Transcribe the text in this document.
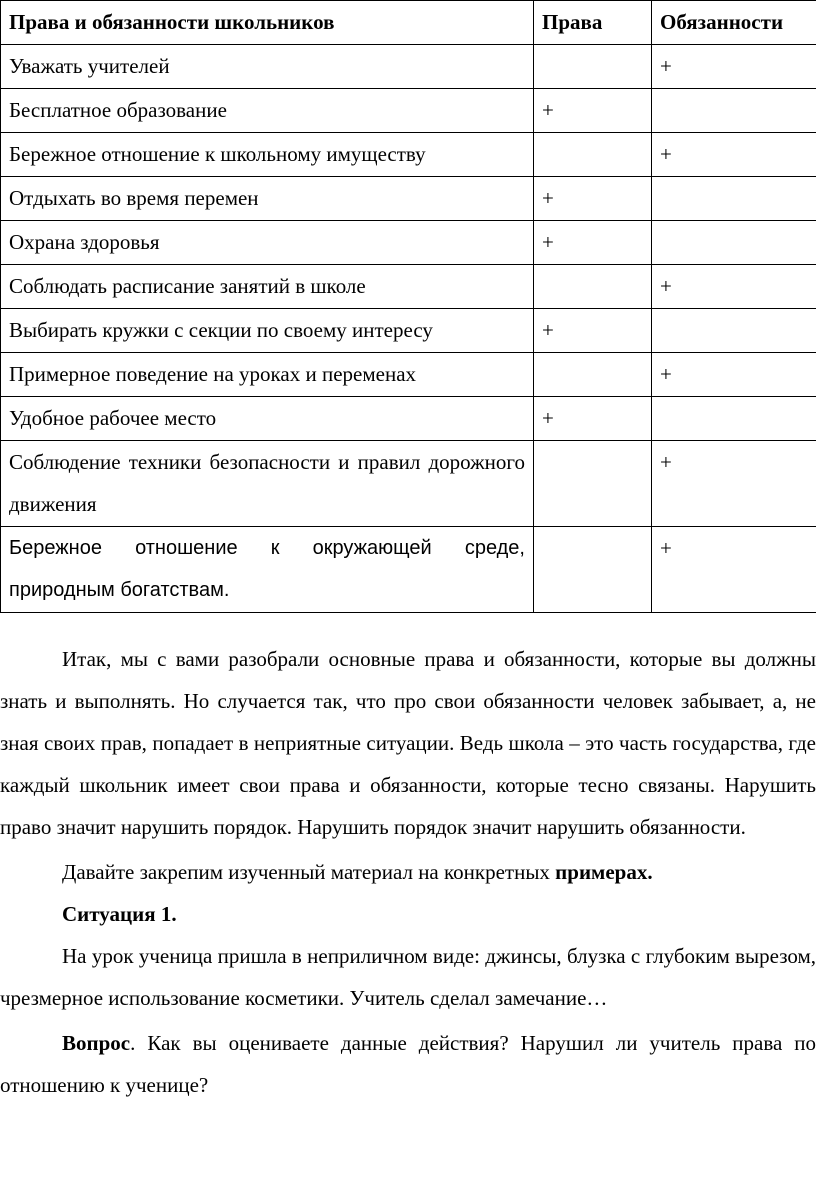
Права и обязанности школьников	Права	Обязанности
Уважать учителей		+
Бесплатное образование	+	
Бережное отношение к школьному имуществу		+
Отдыхать во время перемен	+	
Охрана здоровья	+	
Соблюдать расписание занятий в школе		+
Выбирать кружки с секции по своему интересу	+	
Примерное поведение на уроках и переменах		+
Удобное рабочее место	+	
Соблюдение техники безопасности и правил дорожного движения		+
Бережное отношение к окружающей среде, природным богатствам.		+

Итак, мы с вами разобрали основные права и обязанности, которые вы должны знать и выполнять. Но случается так, что про свои обязанности человек забывает, а, не зная своих прав, попадает в неприятные ситуации. Ведь школа – это часть государства, где каждый школьник имеет свои права и обязанности, которые тесно связаны. Нарушить право значит нарушить порядок. Нарушить порядок значит нарушить обязанности.

Давайте закрепим изученный материал на конкретных примерах.

Ситуация 1.

На урок ученица пришла в неприличном виде: джинсы, блузка с глубоким вырезом, чрезмерное использование косметики. Учитель сделал замечание…

Вопрос. Как вы оцениваете данные действия? Нарушил ли учитель права по отношению к ученице?
